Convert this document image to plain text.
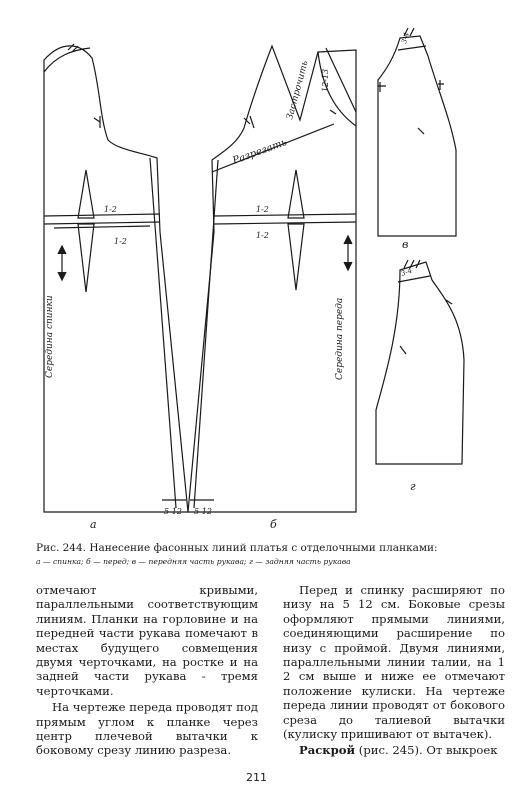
Середина спинки
1-2
1-2
5-12
а
Разрезать
Застрочить 12-13
Середина переда
1-2
1-2
5-12
б
3-4
в
3-4
г
Рис. 244. Нанесение фасонных линий платья с отделочными планками:
а — спинка; б — перед; в — передняя часть рукава; г — задняя часть рукава

отмечают кривыми, параллельными соответствующим линиям. Планки на горловине и на передней части рукава помечают в местах будущего совмещения двумя черточками, на ростке и на задней части рукава - тремя черточками.

На чертеже переда проводят под прямым углом к планке через центр плечевой вытачки к боковому срезу линию разреза.

Перед и спинку расширяют по низу на 5 12 см. Боковые срезы оформляют прямыми линиями, соединяющими расширение по низу с проймой. Двумя линиями, параллельными линии талии, на 1 2 см выше и ниже ее отмечают положение кулиски. На чертеже переда линии проводят от бокового среза до талиевой вытачки (кулиску пришивают от вытачек).

Раскрой (рис. 245). От выкроек

211
